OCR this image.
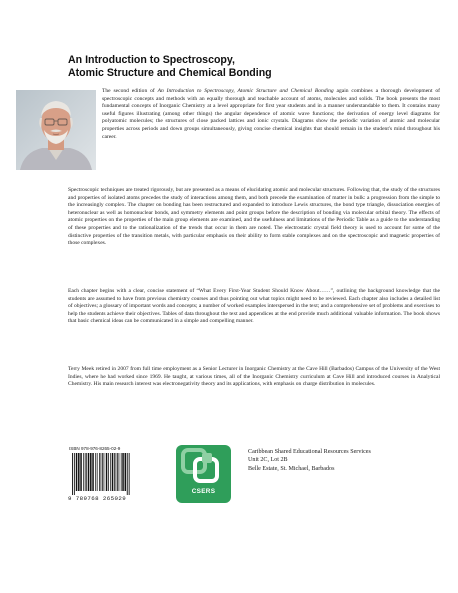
An Introduction to Spectroscopy,
Atomic Structure and Chemical Bonding
The second edition of An Introduction to Spectroscopy, Atomic Structure and Chemical Bonding again combines a thorough development of spectroscopic concepts and methods with an equally thorough and teachable account of atoms, molecules and solids. The book presents the most fundamental concepts of Inorganic Chemistry at a level appropriate for first year students and in a manner understandable to them. It contains many useful figures illustrating (among other things) the angular dependence of atomic wave functions; the derivation of energy level diagrams for polyatomic molecules; the structures of close packed lattices and ionic crystals. Diagrams show the periodic variation of atomic and molecular properties across periods and down groups simultaneously, giving concise chemical insights that should remain in the student's mind throughout his career.
Spectroscopic techniques are treated rigorously, but are presented as a means of elucidating atomic and molecular structures. Following that, the study of the structures and properties of isolated atoms precedes the study of interactions among them, and both precede the examination of matter in bulk: a progression from the simple to the increasingly complex. The chapter on bonding has been restructured and expanded to introduce Lewis structures, the bond type triangle, dissociation energies of heteronuclear as well as homonuclear bonds, and symmetry elements and point groups before the description of bonding via molecular orbital theory. The effects of atomic properties on the properties of the main group elements are examined, and the usefulness and limitations of the Periodic Table as a guide to the understanding of these properties and to the rationalization of the trends that occur in them are noted. The electrostatic crystal field theory is used to account for some of the distinctive properties of the transition metals, with particular emphasis on their ability to form stable complexes and on the spectroscopic and magnetic properties of those complexes.
Each chapter begins with a clear, concise statement of “What Every First-Year Student Should Know About……”, outlining the background knowledge that the students are assumed to have from previous chemistry courses and thus pointing out what topics might need to be reviewed. Each chapter also includes a detailed list of objectives; a glossary of important words and concepts; a number of worked examples interspersed in the text; and a comprehensive set of problems and exercises to help the students achieve their objectives. Tables of data throughout the text and appendices at the end provide much additional valuable information. The book shows that basic chemical ideas can be communicated in a simple and compelling manner.
Terry Meek retired in 2007 from full time employment as a Senior Lecturer in Inorganic Chemistry at the Cave Hill (Barbados) Campus of the University of the West Indies, where he had worked since 1969. He taught, at various times, all of the Inorganic Chemistry curriculum at Cave Hill and introduced courses in Analytical Chemistry. His main research interest was electronegativity theory and its applications, with emphasis on charge distribution in molecules.
ISBN 978-976-8265-02-9
9 789768 265029
CSERS
Caribbean Shared Educational Resources Services
Unit 2C, Lot 2B
Belle Estate, St. Michael, Barbados
